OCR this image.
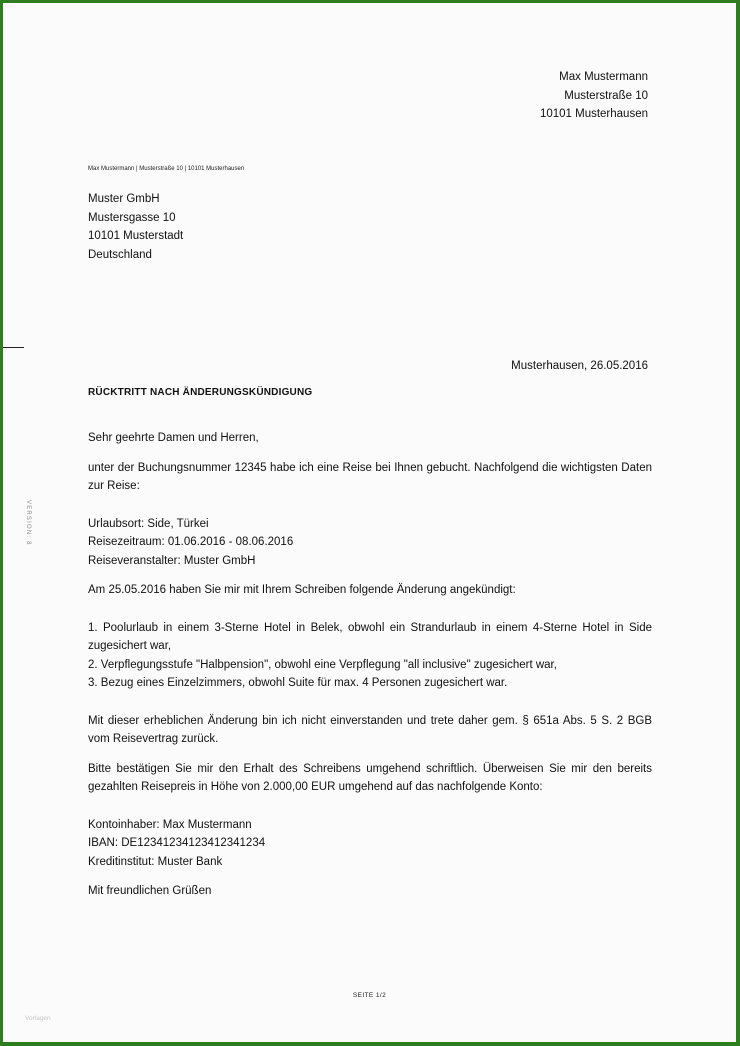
Max Mustermann
Musterstraße 10
10101 Musterhausen
Max Mustermann | Musterstraße 10 | 10101 Musterhausen
Muster GmbH
Mustersgasse 10
10101 Musterstadt
Deutschland
Musterhausen, 26.05.2016
RÜCKTRITT NACH ÄNDERUNGSKÜNDIGUNG

Sehr geehrte Damen und Herren,

unter der Buchungsnummer 12345 habe ich eine Reise bei Ihnen gebucht. Nachfolgend die wichtigsten Daten zur Reise:

Urlaubsort: Side, Türkei

Reisezeitraum: 01.06.2016 - 08.06.2016

Reiseveranstalter: Muster GmbH

Am 25.05.2016 haben Sie mir mit Ihrem Schreiben folgende Änderung angekündigt:

1. Poolurlaub in einem 3-Sterne Hotel in Belek, obwohl ein Strandurlaub in einem 4-Sterne Hotel in Side zugesichert war,

2. Verpflegungsstufe "Halbpension", obwohl eine Verpflegung "all inclusive" zugesichert war,

3. Bezug eines Einzelzimmers, obwohl Suite für max. 4 Personen zugesichert war.

Mit dieser erheblichen Änderung bin ich nicht einverstanden und trete daher gem. § 651a Abs. 5 S. 2 BGB vom Reisevertrag zurück.

Bitte bestätigen Sie mir den Erhalt des Schreibens umgehend schriftlich. Überweisen Sie mir den bereits gezahlten Reisepreis in Höhe von 2.000,00 EUR umgehend auf das nachfolgende Konto:

Kontoinhaber: Max Mustermann

IBAN: DE12341234123412341234

Kreditinstitut: Muster Bank

Mit freundlichen Grüßen

VERSION: 8
SEITE 1/2
Vorlagen
